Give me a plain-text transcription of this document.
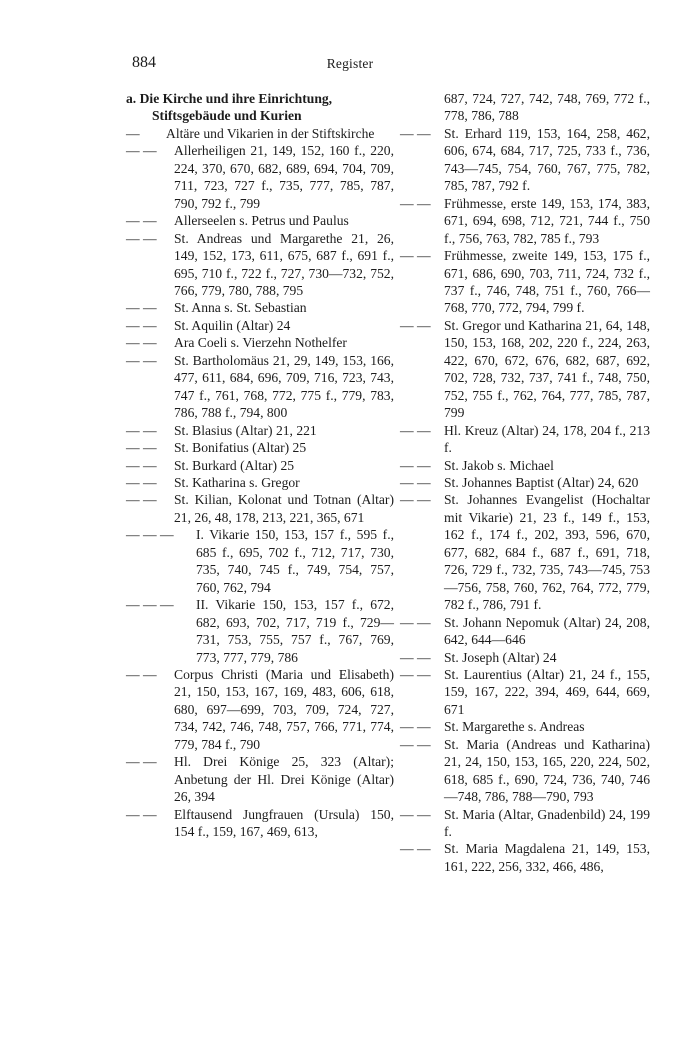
884	Register
a. Die Kirche und ihre Einrichtung, Stiftsgebäude und Kurien
—	Altäre und Vikarien in der Stiftskirche
— —	Allerheiligen 21, 149, 152, 160 f., 220, 224, 370, 670, 682, 689, 694, 704, 709, 711, 723, 727 f., 735, 777, 785, 787, 790, 792 f., 799
— —	Allerseelen s. Petrus und Paulus
— —	St. Andreas und Margarethe 21, 26, 149, 152, 173, 611, 675, 687 f., 691 f., 695, 710 f., 722 f., 727, 730—732, 752, 766, 779, 780, 788, 795
— —	St. Anna s. St. Sebastian
— —	St. Aquilin (Altar) 24
— —	Ara Coeli s. Vierzehn Nothelfer
— —	St. Bartholomäus 21, 29, 149, 153, 166, 477, 611, 684, 696, 709, 716, 723, 743, 747 f., 761, 768, 772, 775 f., 779, 783, 786, 788 f., 794, 800
— —	St. Blasius (Altar) 21, 221
— —	St. Bonifatius (Altar) 25
— —	St. Burkard (Altar) 25
— —	St. Katharina s. Gregor
— —	St. Kilian, Kolonat und Totnan (Altar) 21, 26, 48, 178, 213, 221, 365, 671
— — —	I. Vikarie 150, 153, 157 f., 595 f., 685 f., 695, 702 f., 712, 717, 730, 735, 740, 745 f., 749, 754, 757, 760, 762, 794
— — —	II. Vikarie 150, 153, 157 f., 672, 682, 693, 702, 717, 719 f., 729—731, 753, 755, 757 f., 767, 769, 773, 777, 779, 786
— —	Corpus Christi (Maria und Elisabeth) 21, 150, 153, 167, 169, 483, 606, 618, 680, 697—699, 703, 709, 724, 727, 734, 742, 746, 748, 757, 766, 771, 774, 779, 784 f., 790
— —	Hl. Drei Könige 25, 323 (Altar); Anbetung der Hl. Drei Könige (Altar) 26, 394
— —	Elftausend Jungfrauen (Ursula) 150, 154 f., 159, 167, 469, 613,
687, 724, 727, 742, 748, 769, 772 f., 778, 786, 788
— — St. Erhard 119, 153, 164, 258, 462, 606, 674, 684, 717, 725, 733 f., 736, 743—745, 754, 760, 767, 775, 782, 785, 787, 792 f.
— — Frühmesse, erste 149, 153, 174, 383, 671, 694, 698, 712, 721, 744 f., 750 f., 756, 763, 782, 785 f., 793
— — Frühmesse, zweite 149, 153, 175 f., 671, 686, 690, 703, 711, 724, 732 f., 737 f., 746, 748, 751 f., 760, 766—768, 770, 772, 794, 799 f.
— — St. Gregor und Katharina 21, 64, 148, 150, 153, 168, 202, 220 f., 224, 263, 422, 670, 672, 676, 682, 687, 692, 702, 728, 732, 737, 741 f., 748, 750, 752, 755 f., 762, 764, 777, 785, 787, 799
— — Hl. Kreuz (Altar) 24, 178, 204 f., 213 f.
— — St. Jakob s. Michael
— — St. Johannes Baptist (Altar) 24, 620
— — St. Johannes Evangelist (Hochaltar mit Vikarie) 21, 23 f., 149 f., 153, 162 f., 174 f., 202, 393, 596, 670, 677, 682, 684 f., 687 f., 691, 718, 726, 729 f., 732, 735, 743—745, 753—756, 758, 760, 762, 764, 772, 779, 782 f., 786, 791 f.
— — St. Johann Nepomuk (Altar) 24, 208, 642, 644—646
— — St. Joseph (Altar) 24
— — St. Laurentius (Altar) 21, 24 f., 155, 159, 167, 222, 394, 469, 644, 669, 671
— — St. Margarethe s. Andreas
— — St. Maria (Andreas und Katharina) 21, 24, 150, 153, 165, 220, 224, 502, 618, 685 f., 690, 724, 736, 740, 746—748, 786, 788—790, 793
— — St. Maria (Altar, Gnadenbild) 24, 199 f.
— — St. Maria Magdalena 21, 149, 153, 161, 222, 256, 332, 466, 486,
